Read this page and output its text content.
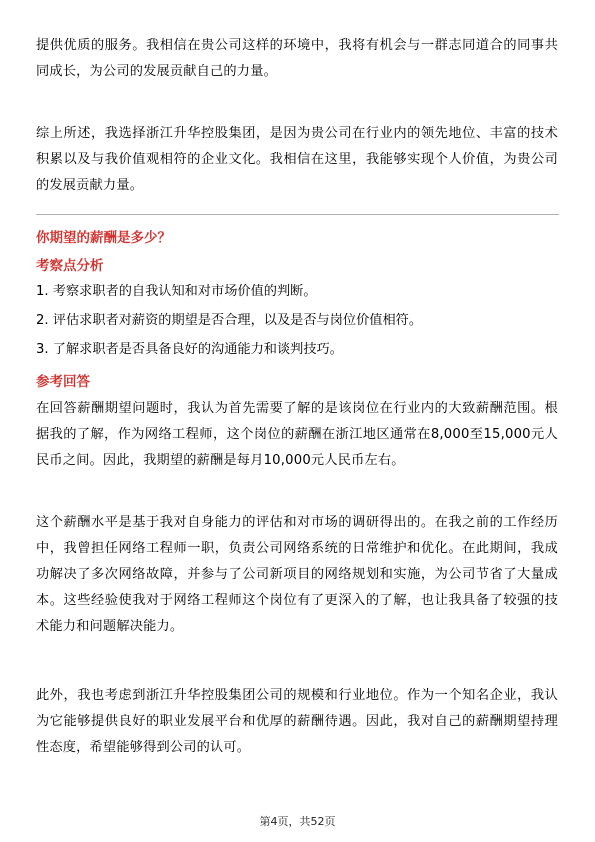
提供优质的服务。我相信在贵公司这样的环境中，我将有机会与一群志同道合的同事共同成长，为公司的发展贡献自己的力量。

综上所述，我选择浙江升华控股集团，是因为贵公司在行业内的领先地位、丰富的技术积累以及与我价值观相符的企业文化。我相信在这里，我能够实现个人价值，为贵公司的发展贡献力量。

你期望的薪酬是多少？

考察点分析

1. 考察求职者的自我认知和对市场价值的判断。

2. 评估求职者对薪资的期望是否合理，以及是否与岗位价值相符。

3. 了解求职者是否具备良好的沟通能力和谈判技巧。

参考回答

在回答薪酬期望问题时，我认为首先需要了解的是该岗位在行业内的大致薪酬范围。根据我的了解，作为网络工程师，这个岗位的薪酬在浙江地区通常在8,000至15,000元人民币之间。因此，我期望的薪酬是每月10,000元人民币左右。

这个薪酬水平是基于我对自身能力的评估和对市场的调研得出的。在我之前的工作经历中，我曾担任网络工程师一职，负责公司网络系统的日常维护和优化。在此期间，我成功解决了多次网络故障，并参与了公司新项目的网络规划和实施，为公司节省了大量成本。这些经验使我对于网络工程师这个岗位有了更深入的了解，也让我具备了较强的技术能力和问题解决能力。

此外，我也考虑到浙江升华控股集团公司的规模和行业地位。作为一个知名企业，我认为它能够提供良好的职业发展平台和优厚的薪酬待遇。因此，我对自己的薪酬期望持理性态度，希望能够得到公司的认可。

第4页，共52页
